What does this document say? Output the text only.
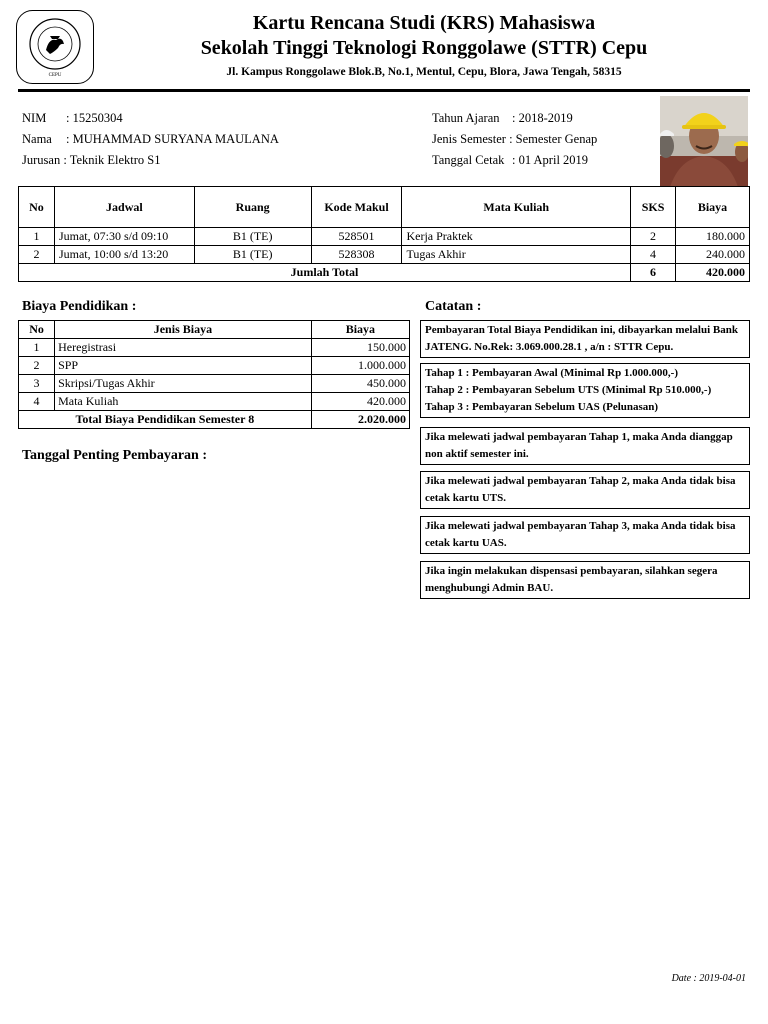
CEPU
Kartu Rencana Studi (KRS) Mahasiswa
Sekolah Tinggi Teknologi Ronggolawe (STTR) Cepu
Jl. Kampus Ronggolawe Blok.B, No.1, Mentul, Cepu, Blora, Jawa Tengah, 58315
NIM : 15250304
Nama : MUHAMMAD SURYANA MAULANA
Jurusan : Teknik Elektro S1
Tahun Ajaran : 2018-2019
Jenis Semester : Semester Genap
Tanggal Cetak : 01 April 2019
No	Jadwal	Ruang	Kode Makul	Mata Kuliah	SKS	Biaya
1	Jumat, 07:30 s/d 09:10	B1 (TE)	528501	Kerja Praktek	2	180.000
2	Jumat, 10:00 s/d 13:20	B1 (TE)	528308	Tugas Akhir	4	240.000
Jumlah Total					6	420.000
Biaya Pendidikan :
No	Jenis Biaya	Biaya
1	Heregistrasi	150.000
2	SPP	1.000.000
3	Skripsi/Tugas Akhir	450.000
4	Mata Kuliah	420.000
Total Biaya Pendidikan Semester 8		2.020.000
Tanggal Penting Pembayaran :
Catatan :
Pembayaran Total Biaya Pendidikan ini, dibayarkan melalui Bank JATENG. No.Rek: 3.069.000.28.1 , a/n : STTR Cepu.
Tahap 1 : Pembayaran Awal (Minimal Rp 1.000.000,-)
Tahap 2 : Pembayaran Sebelum UTS (Minimal Rp 510.000,-)
Tahap 3 : Pembayaran Sebelum UAS (Pelunasan)
Jika melewati jadwal pembayaran Tahap 1, maka Anda dianggap non aktif semester ini.
Jika melewati jadwal pembayaran Tahap 2, maka Anda tidak bisa cetak kartu UTS.
Jika melewati jadwal pembayaran Tahap 3, maka Anda tidak bisa cetak kartu UAS.
Jika ingin melakukan dispensasi pembayaran, silahkan segera menghubungi Admin BAU.
Date : 2019-04-01
